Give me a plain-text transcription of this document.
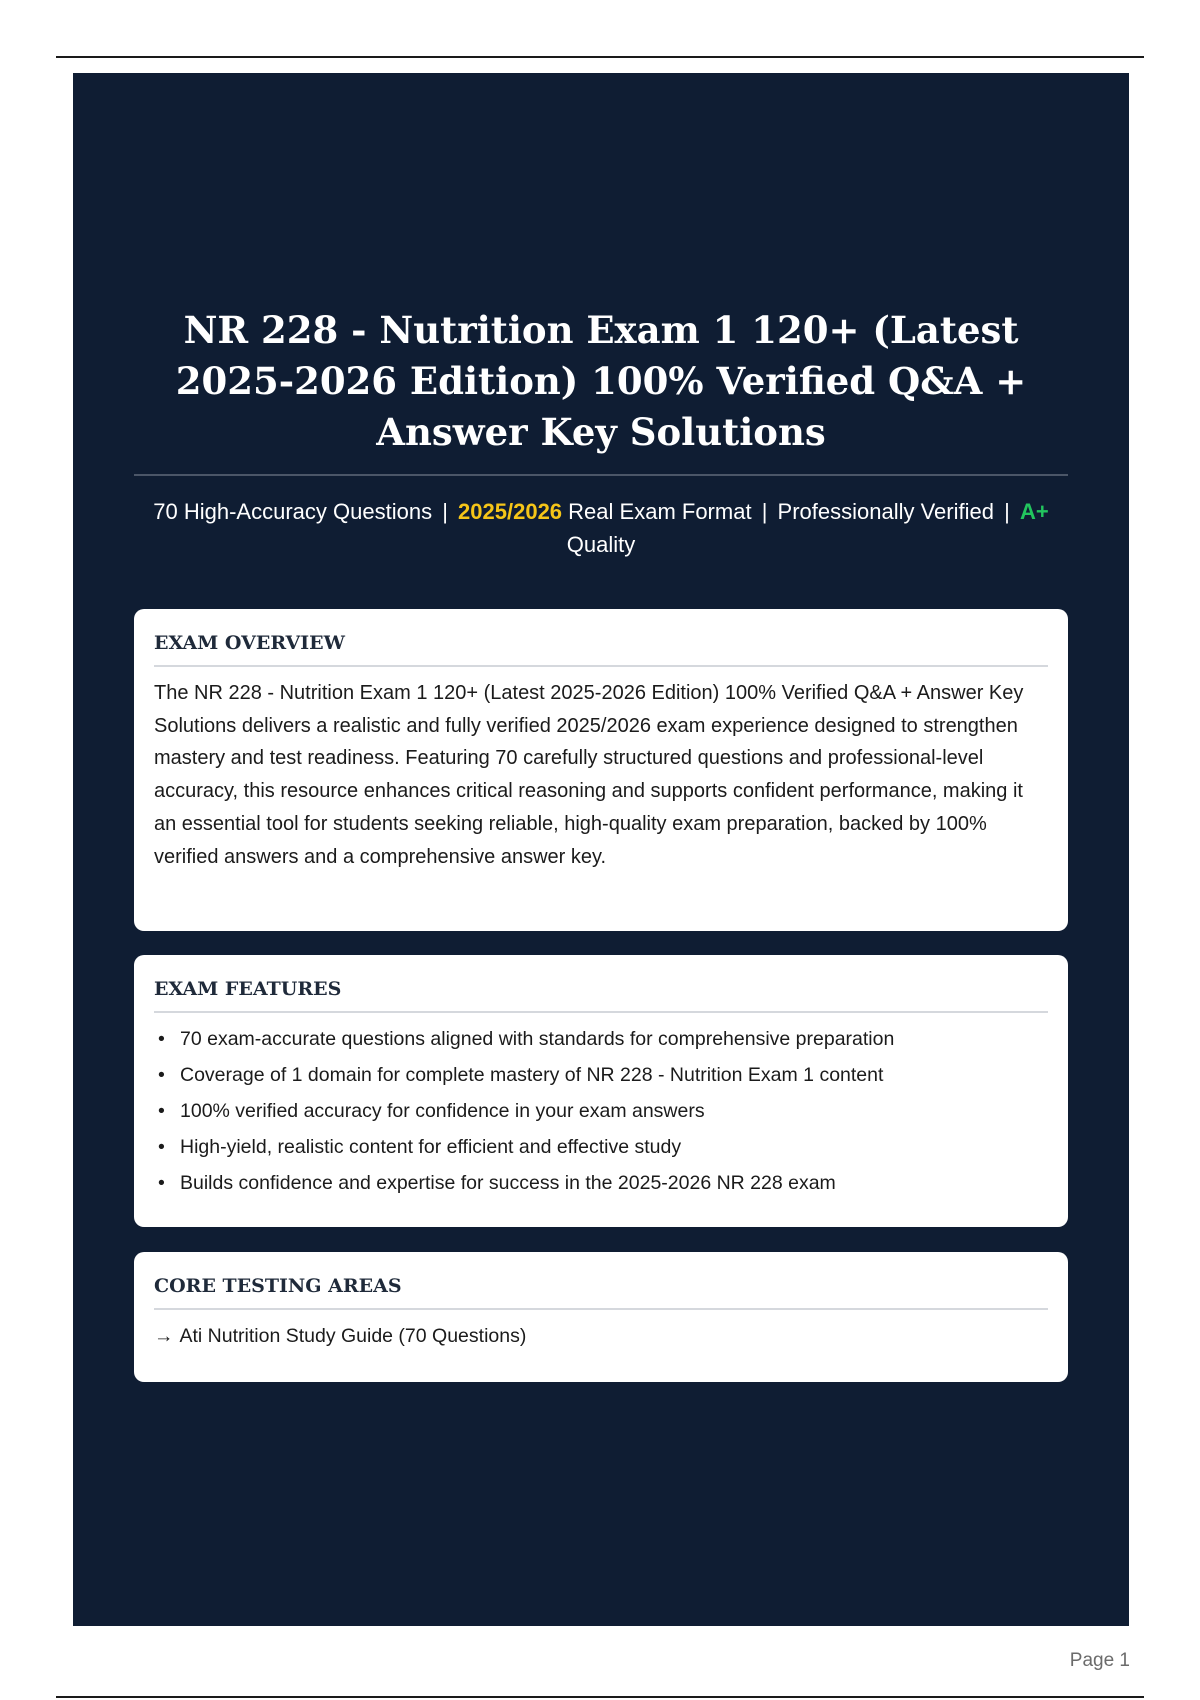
NR 228 - Nutrition Exam 1 120+ (Latest 2025-2026 Edition) 100% Verified Q&A + Answer Key Solutions
70 High-Accuracy Questions | 2025/2026 Real Exam Format | Professionally Verified | A+ Quality
EXAM OVERVIEW

The NR 228 - Nutrition Exam 1 120+ (Latest 2025-2026 Edition) 100% Verified Q&A + Answer Key Solutions delivers a realistic and fully verified 2025/2026 exam experience designed to strengthen mastery and test readiness. Featuring 70 carefully structured questions and professional-level accuracy, this resource enhances critical reasoning and supports confident performance, making it an essential tool for students seeking reliable, high-quality exam preparation, backed by 100% verified answers and a comprehensive answer key.

EXAM FEATURES
• 70 exam-accurate questions aligned with standards for comprehensive preparation
• Coverage of 1 domain for complete mastery of NR 228 - Nutrition Exam 1 content
• 100% verified accuracy for confidence in your exam answers
• High-yield, realistic content for efficient and effective study
• Builds confidence and expertise for success in the 2025-2026 NR 228 exam
CORE TESTING AREAS
→ Ati Nutrition Study Guide (70 Questions)
Page 1
